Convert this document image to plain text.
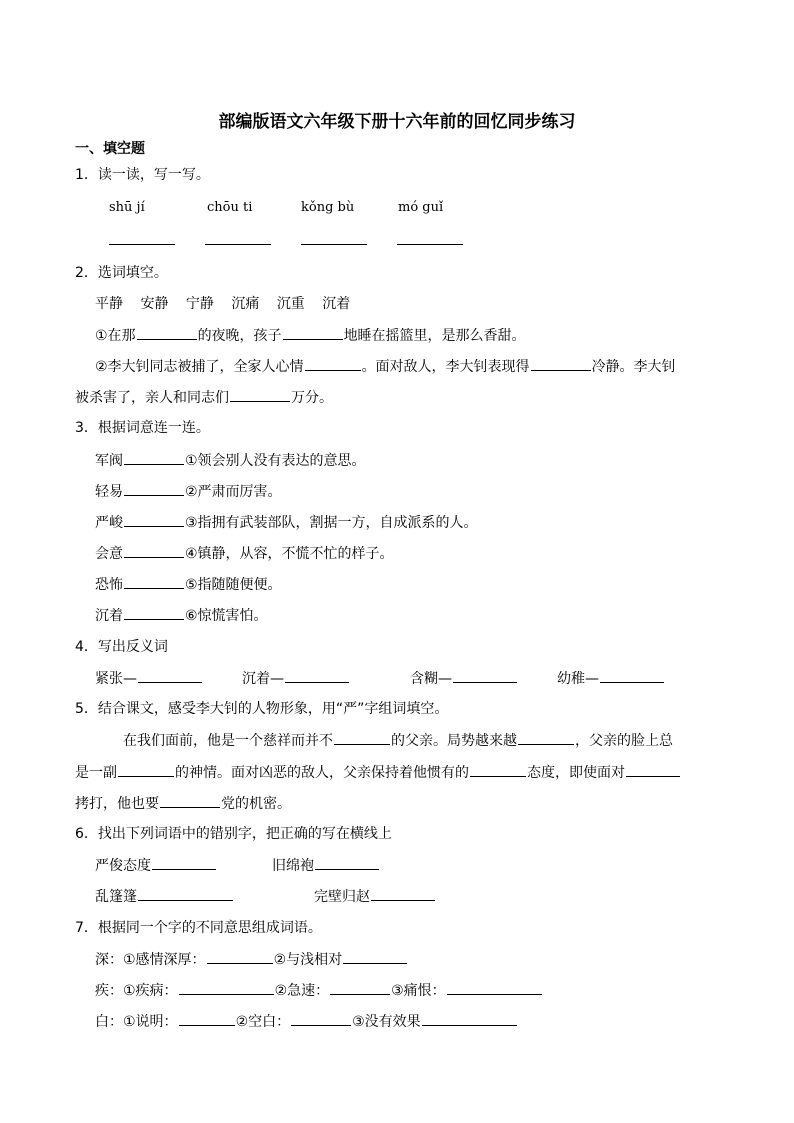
部编版语文六年级下册十六年前的回忆同步练习
一、填空题
1．读一读，写一写。
shū jí	chōu ti	kǒng bù	mó guǐ
2．选词填空。
平静 安静 宁静 沉痛 沉重 沉着
①在那	的夜晚，孩子	地睡在摇篮里，是那么香甜。
②李大钊同志被捕了，全家人心情	。面对敌人，李大钊表现得	冷静。李大钊
被杀害了，亲人和同志们	万分。
3．根据词意连一连。
军阀	①领会别人没有表达的意思。
轻易	②严肃而厉害。
严峻	③指拥有武装部队，割据一方，自成派系的人。
会意	④镇静，从容，不慌不忙的样子。
恐怖	⑤指随随便便。
沉着	⑥惊慌害怕。
4．写出反义词
紧张—	沉着—	含糊—	幼稚—
5．结合课文，感受李大钊的人物形象，用“严”字组词填空。
在我们面前，他是一个慈祥而并不	的父亲。局势越来越	，父亲的脸上总
是一副	的神情。面对凶恶的敌人，父亲保持着他惯有的	态度，即使面对
拷打，他也要	党的机密。
6．找出下列词语中的错别字，把正确的写在横线上
严俊态度	旧绵袍
乱篷篷	完壁归赵
7．根据同一个字的不同意思组成词语。
深：①感情深厚：	②与浅相对
疾：①疾病：	②急速：	③痛恨：
白：①说明：	②空白：	③没有效果
